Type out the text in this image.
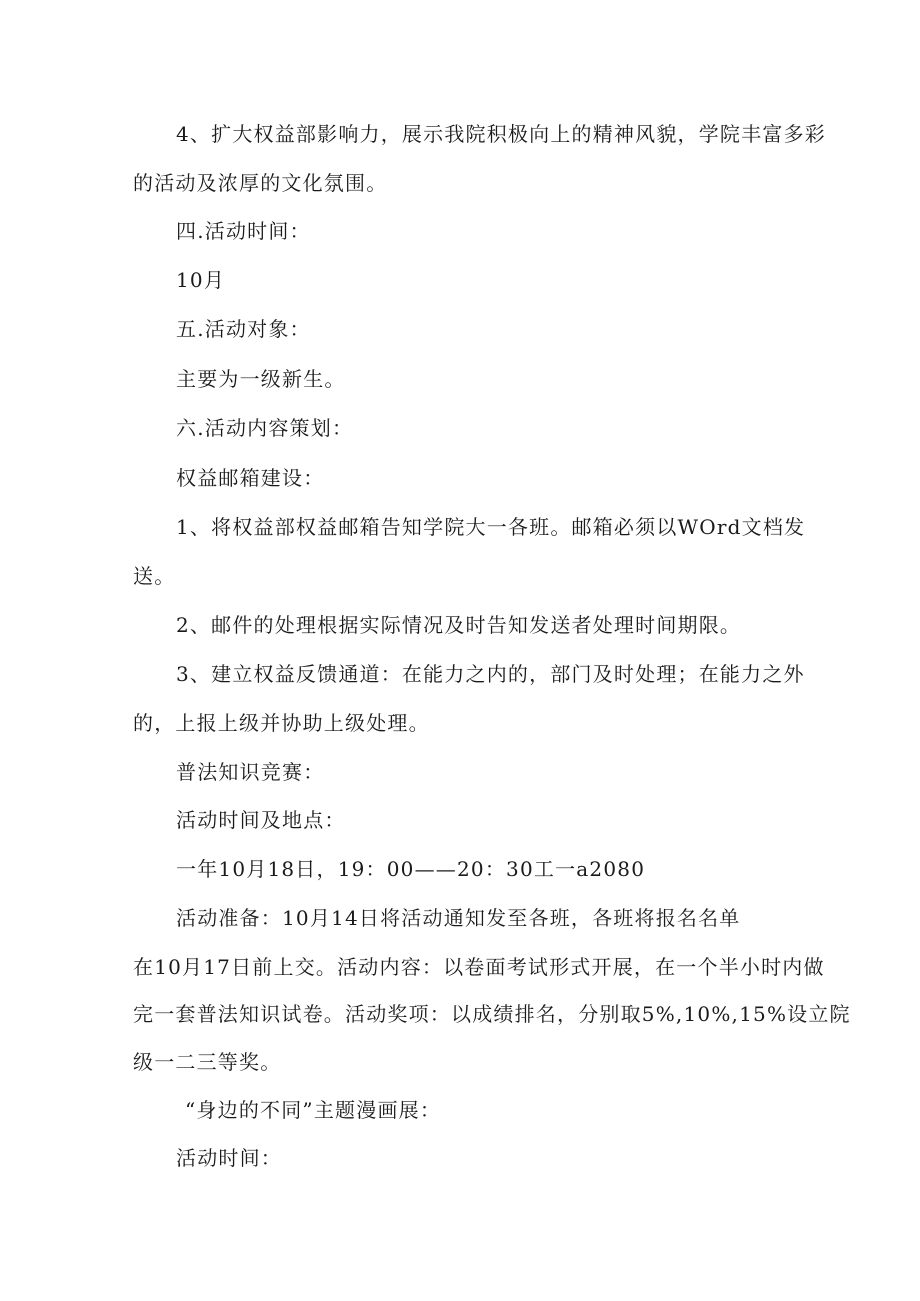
4、扩大权益部影响力，展示我院积极向上的精神风貌，学院丰富多彩
的活动及浓厚的文化氛围。
四.活动时间：
10月
五.活动对象：
主要为一级新生。
六.活动内容策划：
权益邮箱建设：
1、将权益部权益邮箱告知学院大一各班。邮箱必须以WOrd文档发
送。
2、邮件的处理根据实际情况及时告知发送者处理时间期限。
3、建立权益反馈通道：在能力之内的，部门及时处理；在能力之外
的，上报上级并协助上级处理。
普法知识竞赛：
活动时间及地点：
一年10月18日，19：00——20：30工一a2080
活动准备：10月14日将活动通知发至各班，各班将报名名单
在10月17日前上交。活动内容：以卷面考试形式开展，在一个半小时内做
完一套普法知识试卷。活动奖项：以成绩排名，分别取5%,10%,15%设立院
级一二三等奖。
“身边的不同”主题漫画展：
活动时间：
